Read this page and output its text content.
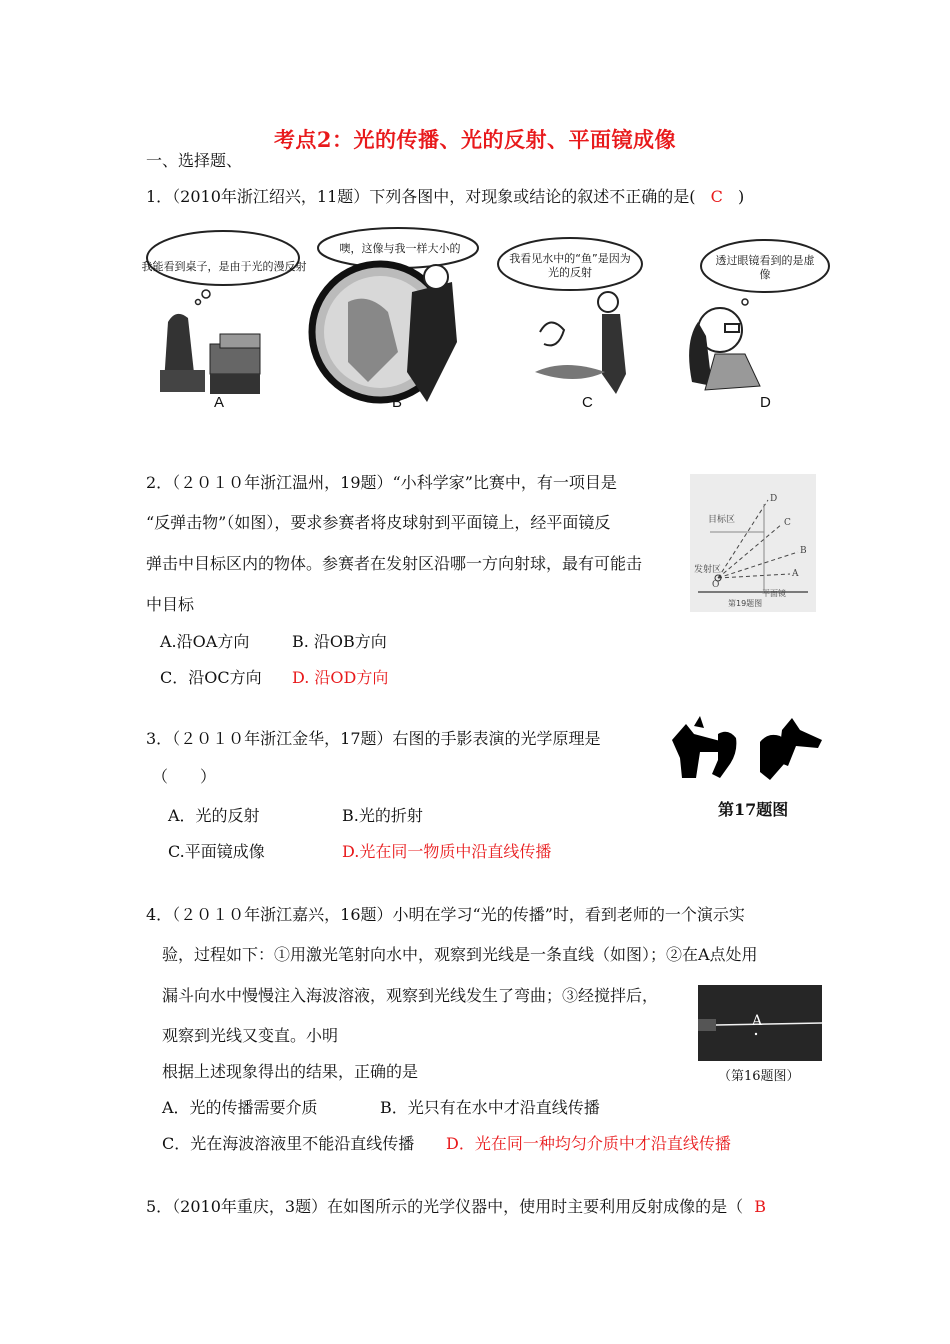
考点2：光的传播、光的反射、平面镜成像
一、选择题、
1．（2010年浙江绍兴，11题）下列各图中，对现象或结论的叙述不正确的是( C )
我能看到桌子，是由于光的漫反射
噢，这像与我一样大小的
我看见水中的“鱼”是因为光的反射
透过眼镜看到的是虚像
A	B	C	D
2．（２０１０年浙江温州，19题）“小科学家”比赛中，有一项目是
“反弹击物”（如图），要求参赛者将皮球射到平面镜上，经平面镜反
弹击中目标区内的物体。参赛者在发射区沿哪一方向射球，最有可能击
中目标
A.沿OA方向	B. 沿OB方向
C．沿OC方向 D. 沿OD方向
目标区
发射区
平面镜
第19题图
O
A
B
C
D
3．（２０１０年浙江金华，17题）右图的手影表演的光学原理是
（　　）
A．光的反射	B.光的折射
C.平面镜成像	D.光在同一物质中沿直线传播
第17题图
4．（２０１０年浙江嘉兴，16题）小明在学习“光的传播”时，看到老师的一个演示实
验，过程如下：①用激光笔射向水中，观察到光线是一条直线（如图）；②在A点处用
漏斗向水中慢慢注入海波溶液，观察到光线发生了弯曲；③经搅拌后，
观察到光线又变直。小明
根据上述现象得出的结果，正确的是
A．光的传播需要介质	B．光只有在水中才沿直线传播
C．光在海波溶液里不能沿直线传播 D．光在同一种均匀介质中才沿直线传播
A
（第16题图）
5．（2010年重庆，3题）在如图所示的光学仪器中，使用时主要利用反射成像的是（ B
